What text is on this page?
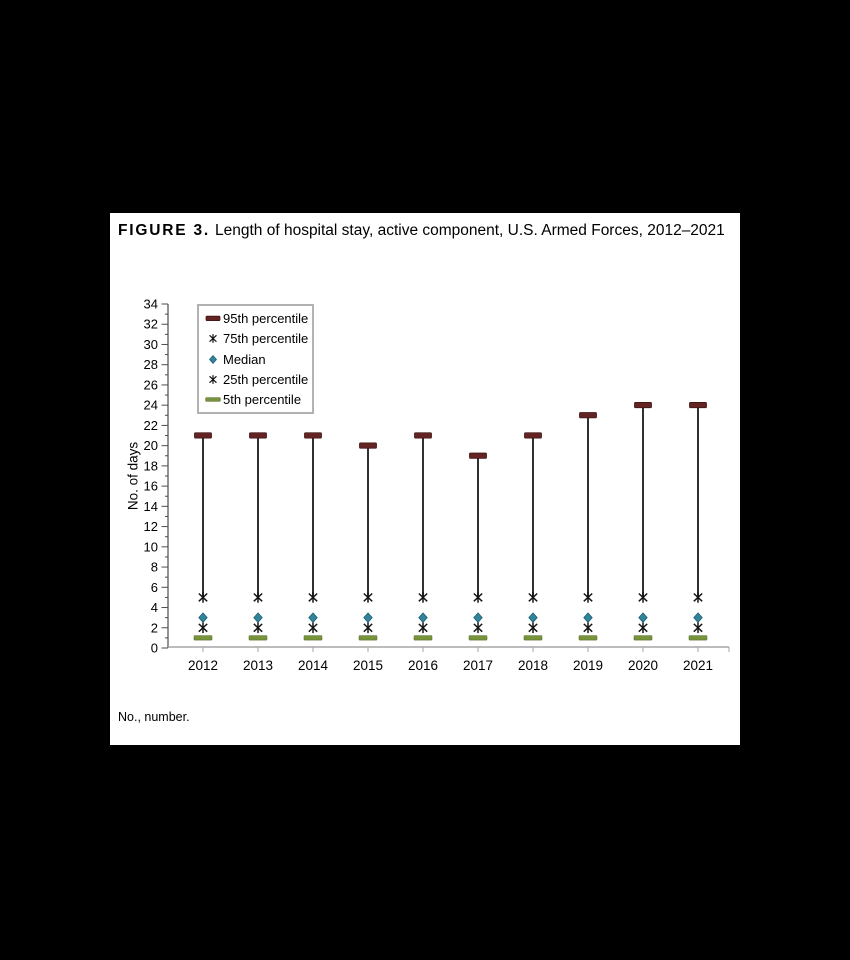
FIGURE 3. Length of hospital stay, active component, U.S. Armed Forces, 2012–2021
No. of days
0
2
4
6
8
10
12
14
16
18
20
22
24
26
28
30
32
34
2012 2013 2014 2015 2016 2017 2018 2019 2020 2021
95th percentile
75th percentile
Median
25th percentile
5th percentile
No., number.
